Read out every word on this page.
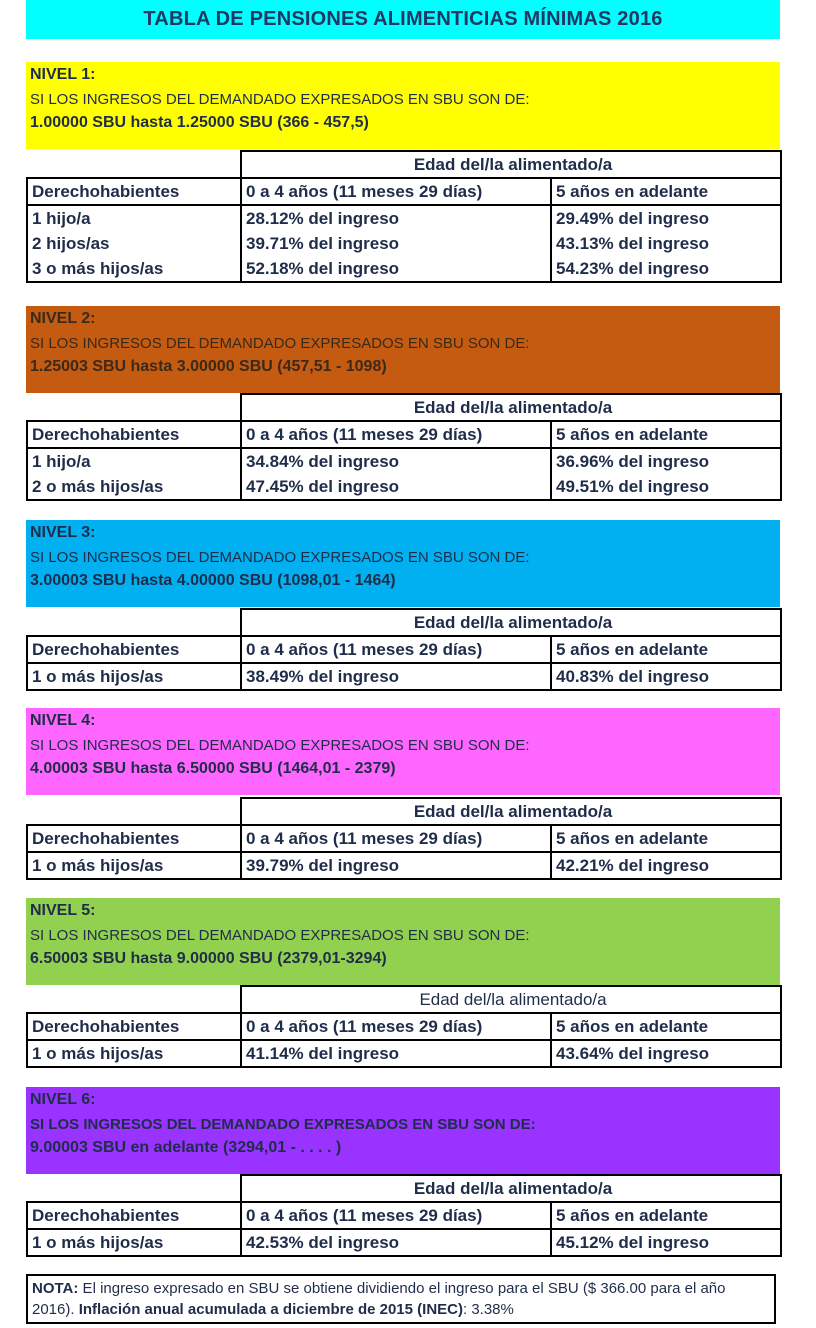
TABLA DE PENSIONES ALIMENTICIAS MÍNIMAS 2016
NOTA: El ingreso expresado en SBU se obtiene dividiendo el ingreso para el SBU ($ 366.00 para el año 2016). Inflación anual acumulada a diciembre de 2015 (INEC): 3.38%
NIVEL 1:
SI LOS INGRESOS DEL DEMANDADO EXPRESADOS EN SBU SON DE:
1.00000 SBU hasta 1.25000 SBU (366 - 457,5)
	Edad del/la alimentado/a	
Derechohabientes	0 a 4 años (11 meses 29 días)	5 años en adelante
1 hijo/a	28.12% del ingreso	29.49% del ingreso
2 hijos/as	39.71% del ingreso	43.13% del ingreso
3 o más hijos/as	52.18% del ingreso	54.23% del ingreso
NIVEL 2:
SI LOS INGRESOS DEL DEMANDADO EXPRESADOS EN SBU SON DE:
1.25003 SBU hasta 3.00000 SBU (457,51 - 1098)
	Edad del/la alimentado/a	
Derechohabientes	0 a 4 años (11 meses 29 días)	5 años en adelante
1 hijo/a	34.84% del ingreso	36.96% del ingreso
2 o más hijos/as	47.45% del ingreso	49.51% del ingreso
NIVEL 3:
SI LOS INGRESOS DEL DEMANDADO EXPRESADOS EN SBU SON DE:
3.00003 SBU hasta 4.00000 SBU (1098,01 - 1464)
	Edad del/la alimentado/a	
Derechohabientes	0 a 4 años (11 meses 29 días)	5 años en adelante
1 o más hijos/as	38.49% del ingreso	40.83% del ingreso
NIVEL 4:
SI LOS INGRESOS DEL DEMANDADO EXPRESADOS EN SBU SON DE:
4.00003 SBU hasta 6.50000 SBU (1464,01 - 2379)
	Edad del/la alimentado/a	
Derechohabientes	0 a 4 años (11 meses 29 días)	5 años en adelante
1 o más hijos/as	39.79% del ingreso	42.21% del ingreso
NIVEL 5:
SI LOS INGRESOS DEL DEMANDADO EXPRESADOS EN SBU SON DE:
6.50003 SBU hasta 9.00000 SBU (2379,01-3294)
	Edad del/la alimentado/a	
Derechohabientes	0 a 4 años (11 meses 29 días)	5 años en adelante
1 o más hijos/as	41.14% del ingreso	43.64% del ingreso
NIVEL 6:
SI LOS INGRESOS DEL DEMANDADO EXPRESADOS EN SBU SON DE:
9.00003 SBU en adelante (3294,01 - . . . . )
	Edad del/la alimentado/a	
Derechohabientes	0 a 4 años (11 meses 29 días)	5 años en adelante
1 o más hijos/as	42.53% del ingreso	45.12% del ingreso
